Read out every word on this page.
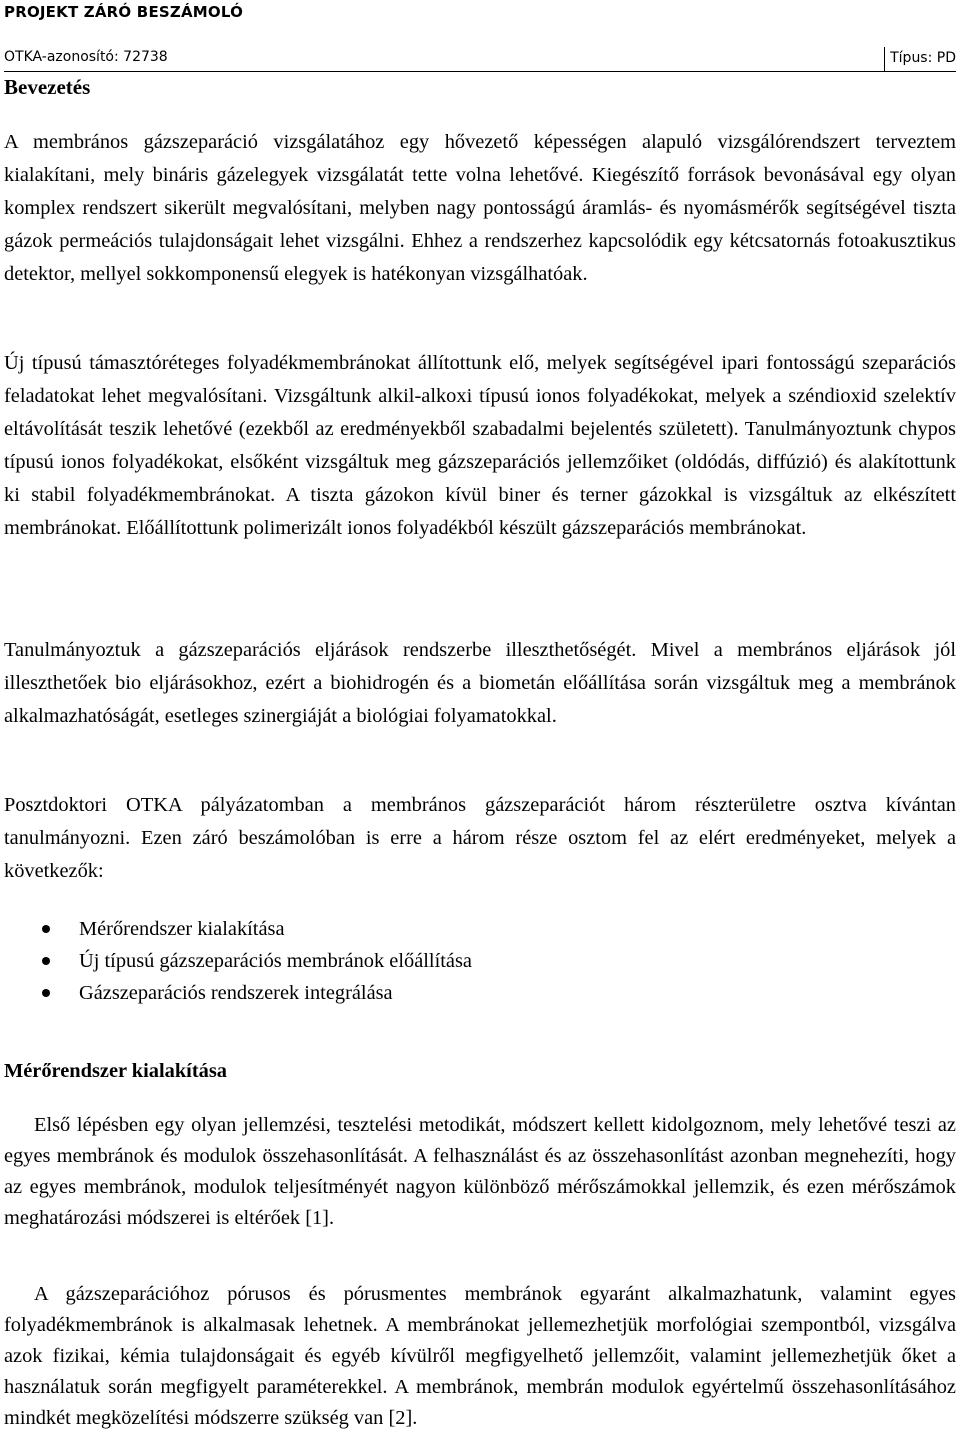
PROJEKT ZÁRÓ BESZÁMOLÓ
OTKA-azonosító: 72738	Típus: PD
Bevezetés

A membrános gázszeparáció vizsgálatához egy hővezető képességen alapuló vizsgálórendszert terveztem kialakítani, mely bináris gázelegyek vizsgálatát tette volna lehetővé. Kiegészítő források bevonásával egy olyan komplex rendszert sikerült megvalósítani, melyben nagy pontosságú áramlás- és nyomásmérők segítségével tiszta gázok permeációs tulajdonságait lehet vizsgálni. Ehhez a rendszerhez kapcsolódik egy kétcsatornás fotoakusztikus detektor, mellyel sokkomponensű elegyek is hatékonyan vizsgálhatóak.

Új típusú támasztóréteges folyadékmembránokat állítottunk elő, melyek segítségével ipari fontosságú szeparációs feladatokat lehet megvalósítani. Vizsgáltunk alkil-alkoxi típusú ionos folyadékokat, melyek a széndioxid szelektív eltávolítását teszik lehetővé (ezekből az eredményekből szabadalmi bejelentés született). Tanulmányoztunk chypos típusú ionos folyadékokat, elsőként vizsgáltuk meg gázszeparációs jellemzőiket (oldódás, diffúzió) és alakítottunk ki stabil folyadékmembránokat. A tiszta gázokon kívül biner és terner gázokkal is vizsgáltuk az elkészített membránokat. Előállítottunk polimerizált ionos folyadékból készült gázszeparációs membránokat.

Tanulmányoztuk a gázszeparációs eljárások rendszerbe illeszthetőségét. Mivel a membrános eljárások jól illeszthetőek bio eljárásokhoz, ezért a biohidrogén és a biometán előállítása során vizsgáltuk meg a membránok alkalmazhatóságát, esetleges szinergiáját a biológiai folyamatokkal.

Posztdoktori OTKA pályázatomban a membrános gázszeparációt három részterületre osztva kívántan tanulmányozni. Ezen záró beszámolóban is erre a három része osztom fel az elért eredményeket, melyek a következők:

Mérőrendszer kialakítása
Új típusú gázszeparációs membránok előállítása
Gázszeparációs rendszerek integrálása
Mérőrendszer kialakítása

Első lépésben egy olyan jellemzési, tesztelési metodikát, módszert kellett kidolgoznom, mely lehetővé teszi az egyes membránok és modulok összehasonlítását. A felhasználást és az összehasonlítást azonban megnehezíti, hogy az egyes membránok, modulok teljesítményét nagyon különböző mérőszámokkal jellemzik, és ezen mérőszámok meghatározási módszerei is eltérőek [1].

A gázszeparációhoz pórusos és pórusmentes membránok egyaránt alkalmazhatunk, valamint egyes folyadékmembránok is alkalmasak lehetnek. A membránokat jellemezhetjük morfológiai szempontból, vizsgálva azok fizikai, kémia tulajdonságait és egyéb kívülről megfigyelhető jellemzőit, valamint jellemezhetjük őket a használatuk során megfigyelt paraméterekkel. A membránok, membrán modulok egyértelmű összehasonlításához mindkét megközelítési módszerre szükség van [2].
